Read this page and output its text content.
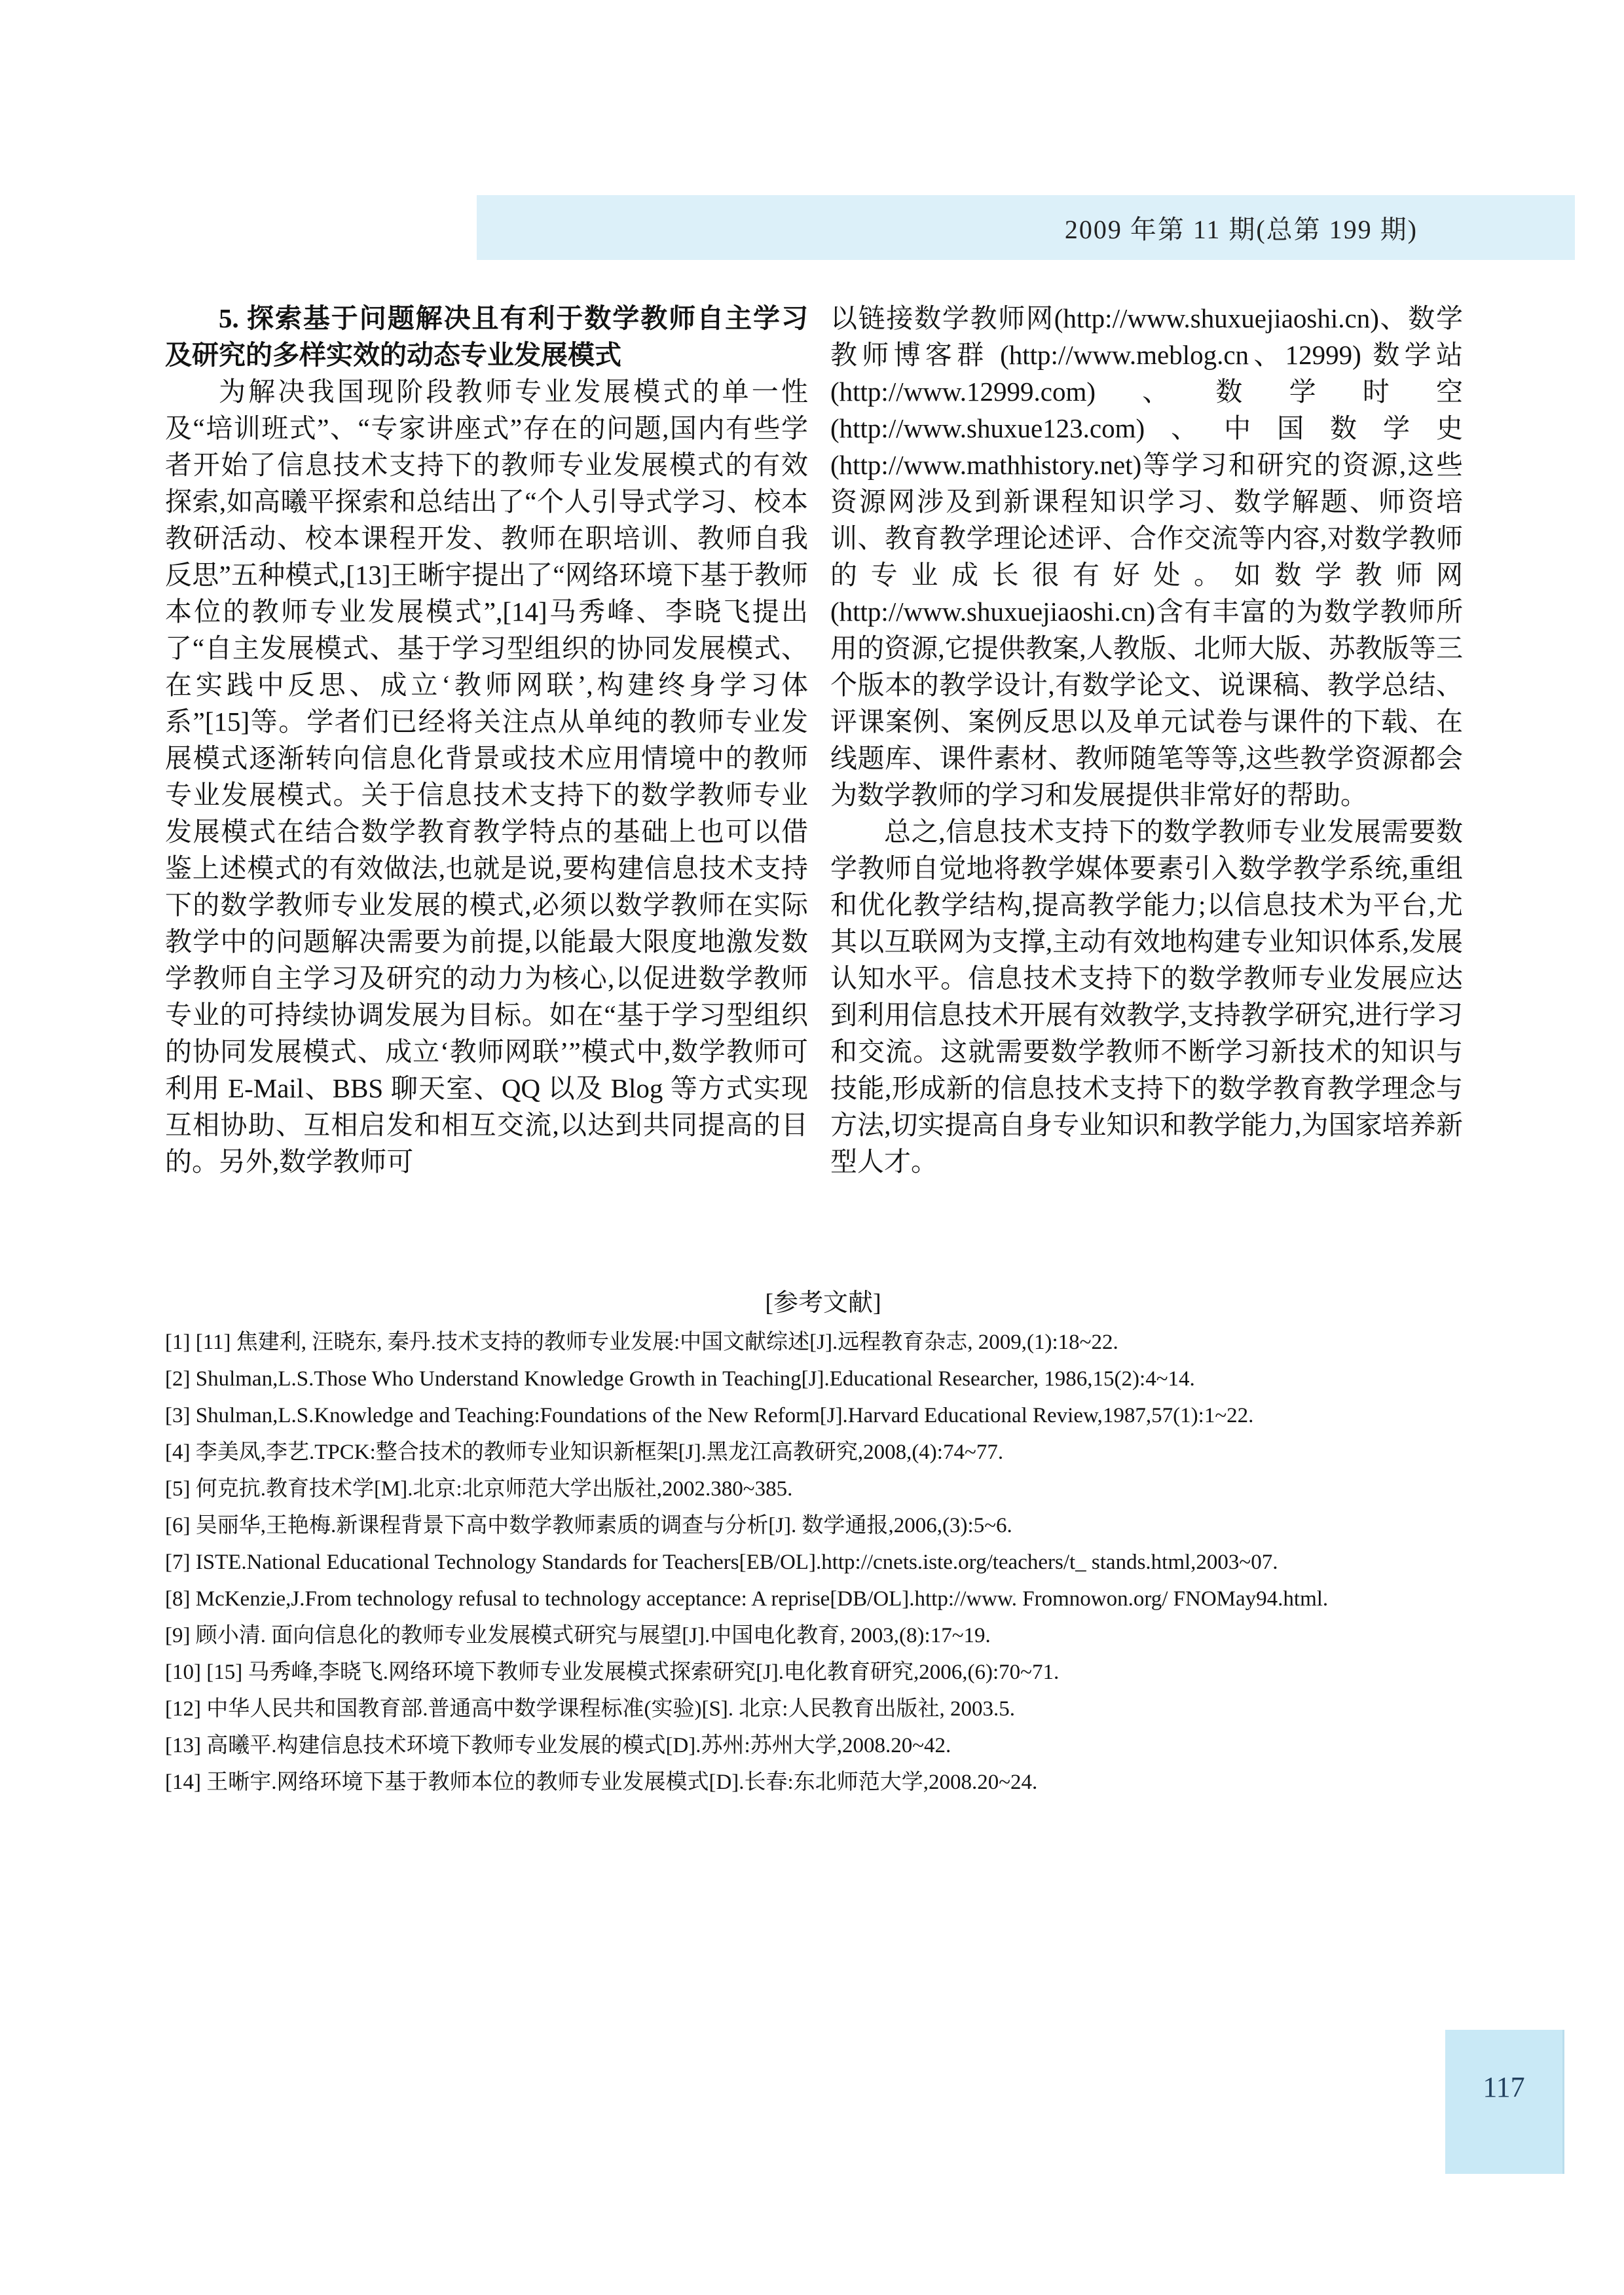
2009 年第 11 期(总第 199 期)

5. 探索基于问题解决且有利于数学教师自主学习及研究的多样实效的动态专业发展模式

为解决我国现阶段教师专业发展模式的单一性及“培训班式”、“专家讲座式”存在的问题,国内有些学者开始了信息技术支持下的教师专业发展模式的有效探索,如高曦平探索和总结出了“个人引导式学习、校本教研活动、校本课程开发、教师在职培训、教师自我反思”五种模式,[13]王晰宇提出了“网络环境下基于教师本位的教师专业发展模式”,[14]马秀峰、李晓飞提出了“自主发展模式、基于学习型组织的协同发展模式、在实践中反思、成立‘教师网联’,构建终身学习体系”[15]等。学者们已经将关注点从单纯的教师专业发展模式逐渐转向信息化背景或技术应用情境中的教师专业发展模式。关于信息技术支持下的数学教师专业发展模式在结合数学教育教学特点的基础上也可以借鉴上述模式的有效做法,也就是说,要构建信息技术支持下的数学教师专业发展的模式,必须以数学教师在实际教学中的问题解决需要为前提,以能最大限度地激发数学教师自主学习及研究的动力为核心,以促进数学教师专业的可持续协调发展为目标。如在“基于学习型组织的协同发展模式、成立‘教师网联’”模式中,数学教师可利用 E-Mail、BBS 聊天室、QQ 以及 Blog 等方式实现互相协助、互相启发和相互交流,以达到共同提高的目的。另外,数学教师可

以链接数学教师网(http://www.shuxuejiaoshi.cn)、数学教师博客群 (http://www.meblog.cn、12999) 数学站(http://www.12999.com)、数学时空(http://www.shuxue123.com)、中国数学史(http://www.mathhistory.net)等学习和研究的资源,这些资源网涉及到新课程知识学习、数学解题、师资培训、教育教学理论述评、合作交流等内容,对数学教师的专业成长很有好处。如数学教师网(http://www.shuxuejiaoshi.cn)含有丰富的为数学教师所用的资源,它提供教案,人教版、北师大版、苏教版等三个版本的教学设计,有数学论文、说课稿、教学总结、评课案例、案例反思以及单元试卷与课件的下载、在线题库、课件素材、教师随笔等等,这些教学资源都会为数学教师的学习和发展提供非常好的帮助。

总之,信息技术支持下的数学教师专业发展需要数学教师自觉地将教学媒体要素引入数学教学系统,重组和优化教学结构,提高教学能力;以信息技术为平台,尤其以互联网为支撑,主动有效地构建专业知识体系,发展认知水平。信息技术支持下的数学教师专业发展应达到利用信息技术开展有效教学,支持教学研究,进行学习和交流。这就需要数学教师不断学习新技术的知识与技能,形成新的信息技术支持下的数学教育教学理念与方法,切实提高自身专业知识和教学能力,为国家培养新型人才。

[参考文献]
[1] [11] 焦建利, 汪晓东, 秦丹.技术支持的教师专业发展:中国文献综述[J].远程教育杂志, 2009,(1):18~22.
[2] Shulman,L.S.Those Who Understand Knowledge Growth in Teaching[J].Educational Researcher, 1986,15(2):4~14.
[3] Shulman,L.S.Knowledge and Teaching:Foundations of the New Reform[J].Harvard Educational Review,1987,57(1):1~22.
[4] 李美凤,李艺.TPCK:整合技术的教师专业知识新框架[J].黑龙江高教研究,2008,(4):74~77.
[5] 何克抗.教育技术学[M].北京:北京师范大学出版社,2002.380~385.
[6] 吴丽华,王艳梅.新课程背景下高中数学教师素质的调查与分析[J]. 数学通报,2006,(3):5~6.
[7] ISTE.National Educational Technology Standards for Teachers[EB/OL].http://cnets.iste.org/teachers/t_ stands.html,2003~07.
[8] McKenzie,J.From technology refusal to technology acceptance: A reprise[DB/OL].http://www. Fromnowon.org/ FNOMay94.html.
[9] 顾小清. 面向信息化的教师专业发展模式研究与展望[J].中国电化教育, 2003,(8):17~19.
[10] [15] 马秀峰,李晓飞.网络环境下教师专业发展模式探索研究[J].电化教育研究,2006,(6):70~71.
[12] 中华人民共和国教育部.普通高中数学课程标准(实验)[S]. 北京:人民教育出版社, 2003.5.
[13] 高曦平.构建信息技术环境下教师专业发展的模式[D].苏州:苏州大学,2008.20~42.
[14] 王晰宇.网络环境下基于教师本位的教师专业发展模式[D].长春:东北师范大学,2008.20~24.
117
